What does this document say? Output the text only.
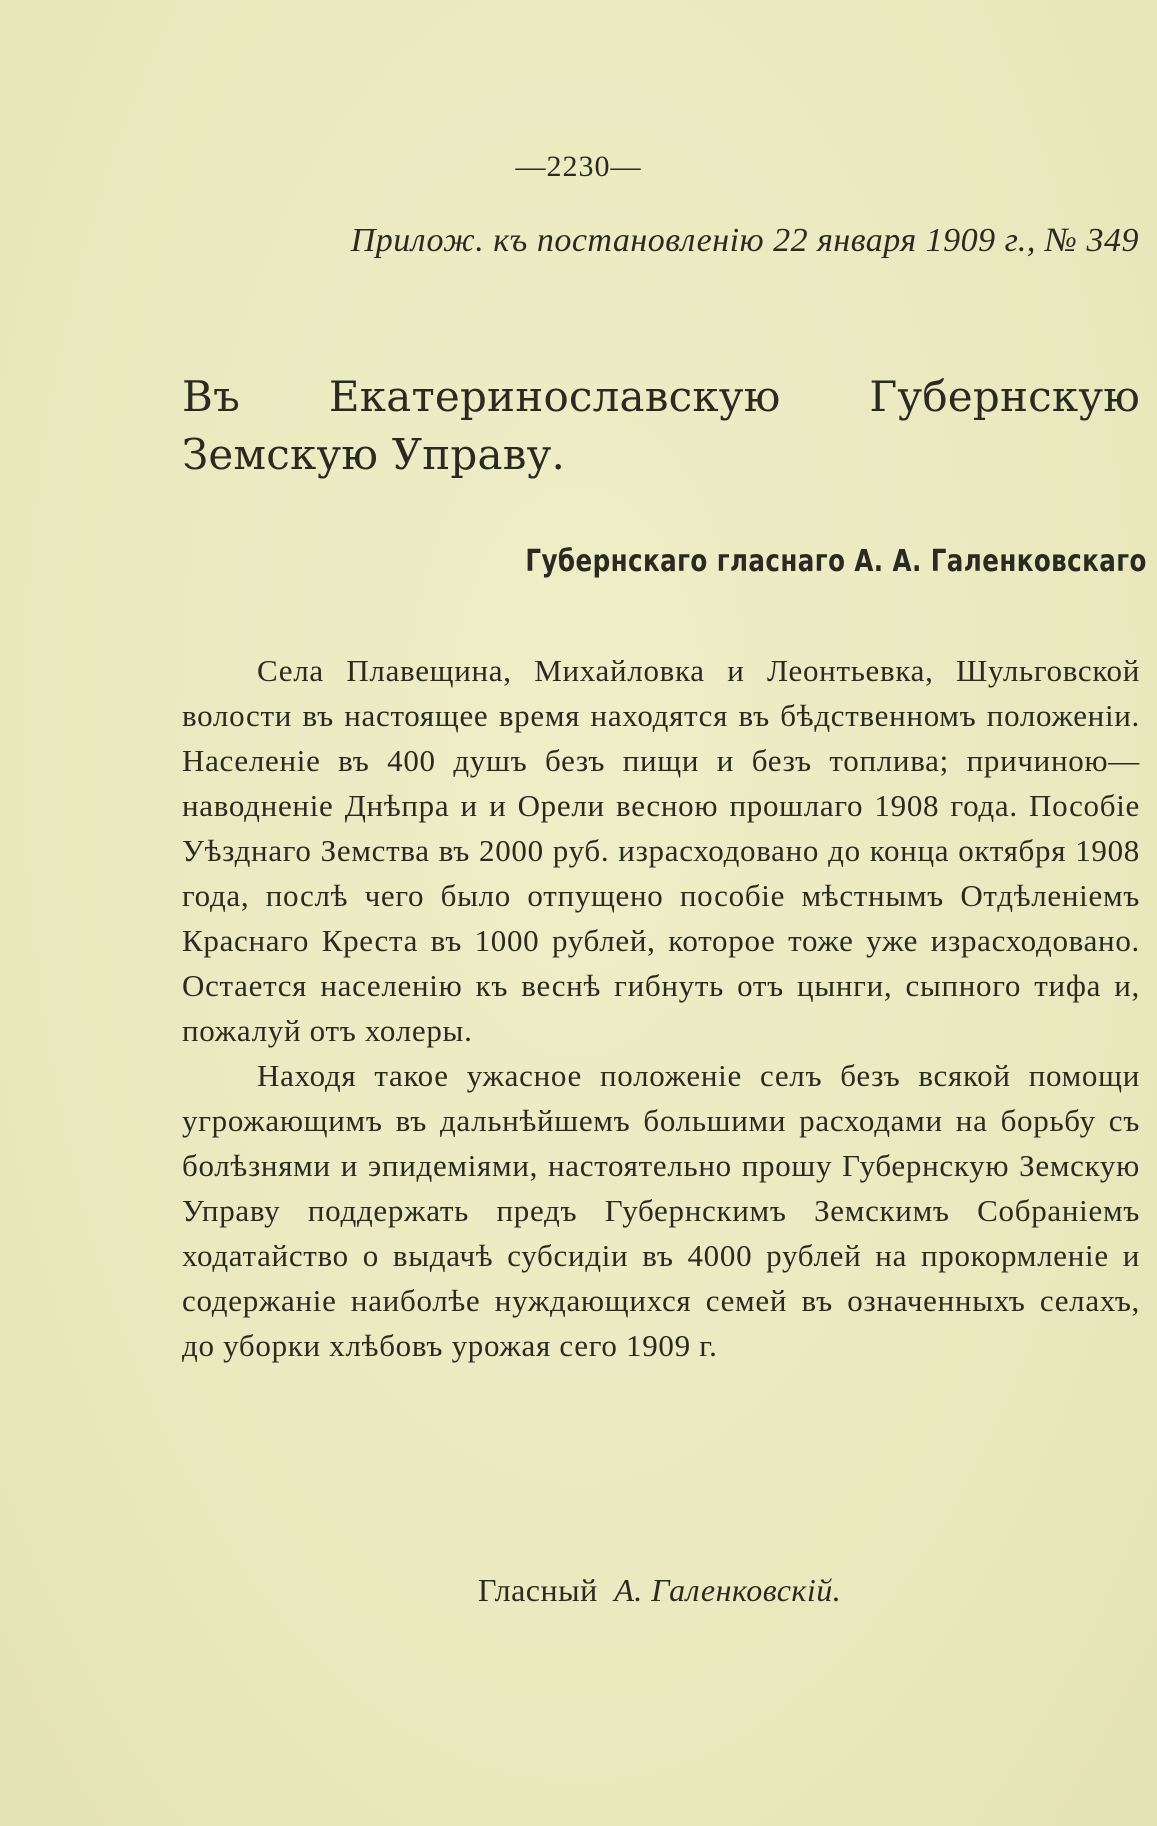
—2230—
Прилож. къ постановленію 22 января 1909 г., № 349
Въ Екатеринославскую Губернскую Земскую Управу.
Губернскаго гласнаго А. А. Галенковскаго

Села Плавещина, Михайловка и Леонтьевка, Шульговской волости въ настоящее время находятся въ бѣдственномъ положеніи. Населеніе въ 400 душъ безъ пищи и безъ топлива; причиною—наводненіе Днѣпра и и Орели весною прошлаго 1908 года. Пособіе Уѣзднаго Земства въ 2000 руб. израсходовано до конца октября 1908 года, послѣ чего было отпущено пособіе мѣстнымъ Отдѣленіемъ Краснаго Креста въ 1000 рублей, которое тоже уже израсходовано. Остается населенію къ веснѣ гибнуть отъ цынги, сыпного тифа и, пожалуй отъ холеры.

Находя такое ужасное положеніе селъ безъ всякой помощи угрожающимъ въ дальнѣйшемъ большими расходами на борьбу съ болѣзнями и эпидеміями, настоятельно прошу Губернскую Земскую Управу поддержать предъ Губернскимъ Земскимъ Собраніемъ ходатайство о выдачѣ субсидіи въ 4000 рублей на прокормленіе и содержаніе наиболѣе нуждающихся семей въ означенныхъ селахъ, до уборки хлѣбовъ урожая сего 1909 г.

Гласный А. Галенковскій.
